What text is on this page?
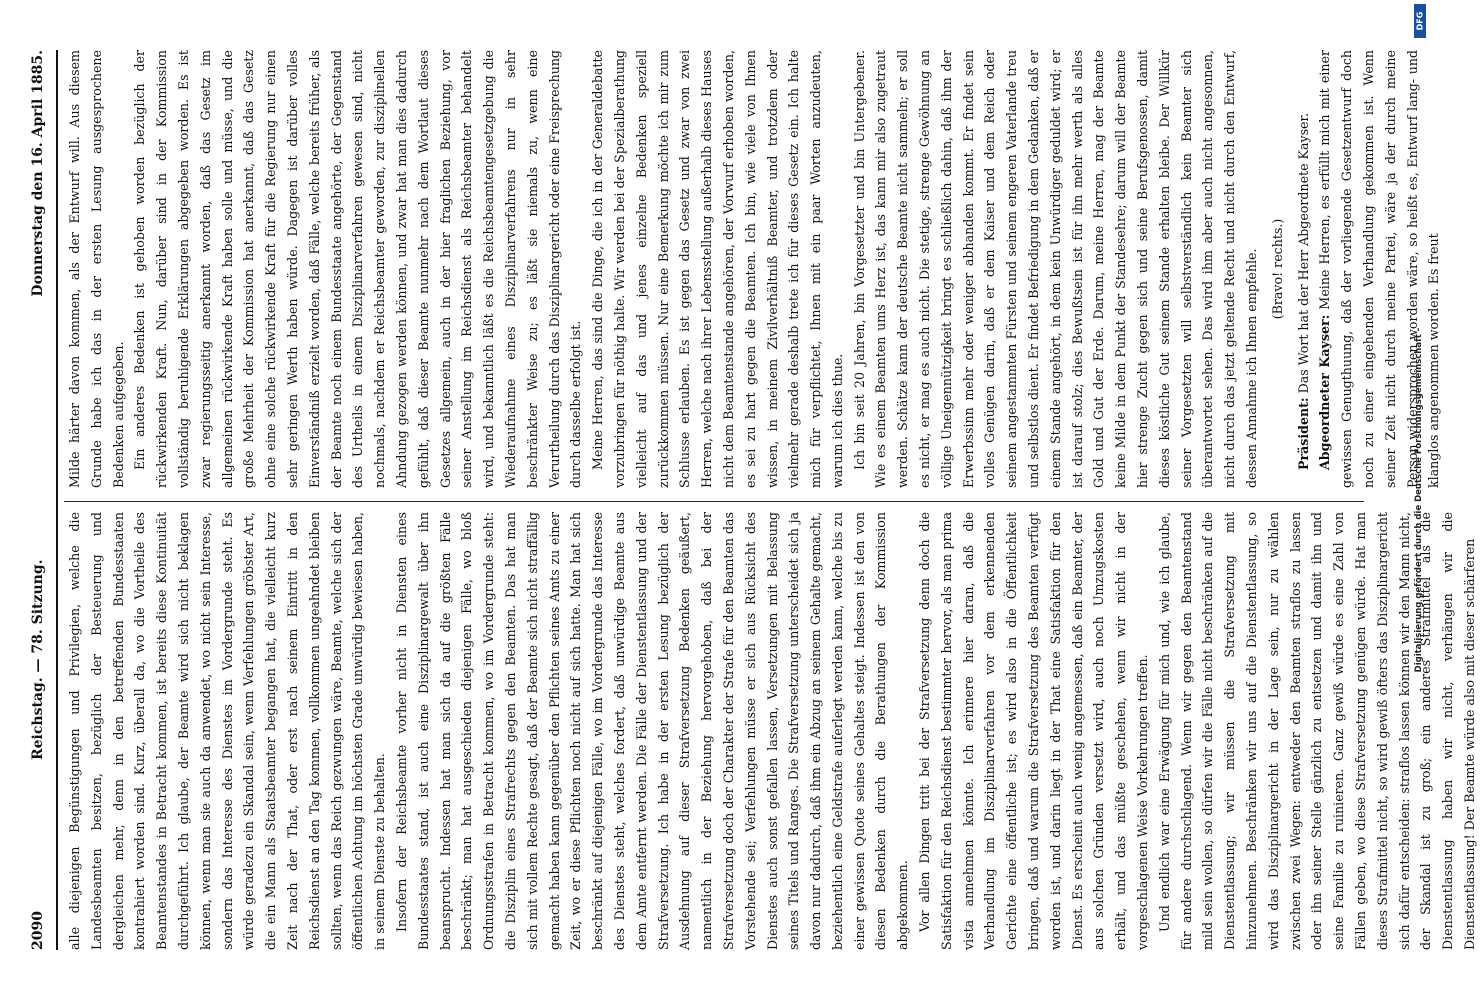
2090
Reichstag. — 78. Sitzung.
Donnerstag den 16. April 1885.

alle diejenigen Begünstigungen und Privilegien, welche die Landesbeamten besitzen, bezüglich der Besteuerung und dergleichen mehr, denn in den betreffenden Bundesstaaten kontrahiert worden sind. Kurz, überall da, wo die Vortheile des Beamtenstandes in Betracht kommen, ist bereits diese Kontinuität durchgeführt. Ich glaube, der Beamte wird sich nicht beklagen können, wenn man sie auch da anwendet, wo nicht sein Interesse, sondern das Interesse des Dienstes im Vordergrunde steht. Es würde geradezu ein Skandal sein, wenn Verfehlungen gröbster Art, die ein Mann als Staatsbeamter begangen hat, die vielleicht kurz Zeit nach der That, oder erst nach seinem Eintritt in den Reichsdienst an den Tag kommen, vollkommen ungeahndet bleiben sollten, wenn das Reich gezwungen wäre, Beamte, welche sich der öffentlichen Achtung im höchsten Grade unwürdig bewiesen haben, in seinem Dienste zu behalten. Insofern der Reichsbeamte vorher nicht in Diensten eines Bundesstaates stand, ist auch eine Disziplinargewalt über ihn beansprucht. Indessen hat man sich da auf die größten Fälle beschränkt; man hat ausgeschieden diejenigen Fälle, wo bloß Ordnungsstrafen in Betracht kommen, wo im Vordergrunde steht: die Disziplin eines Strafrechts gegen den Beamten. Das hat man sich mit vollem Rechte gesagt, daß der Beamte sich nicht straffällig gemacht haben kann gegenüber den Pflichten seines Amts zu einer Zeit, wo er diese Pflichten noch nicht auf sich hatte. Man hat sich beschränkt auf diejenigen Fälle, wo im Vordergrunde das Interesse des Dienstes steht, welches fordert, daß unwürdige Beamte aus dem Amte entfernt werden. Die Fälle der Dienstentlassung und der Strafversetzung. Ich habe in der ersten Lesung bezüglich der Ausdehnung auf dieser Strafversetzung Bedenken geäußert, namentlich in der Beziehung hervorgehoben, daß bei der Strafversetzung doch der Charakter der Strafe für den Beamten das Vorstehende sei; Verfehlungen müsse er sich aus Rücksicht des Dienstes auch sonst gefallen lassen, Versetzungen mit Belassung seines Titels und Ranges. Die Strafversetzung unterscheidet sich ja davon nur dadurch, daß ihm ein Abzug an seinem Gehalte gemacht, beziehentlich eine Geldstrafe auferlegt werden kann, welche bis zu einer gewissen Quote seines Gehaltes steigt. Indessen ist den von diesen Bedenken durch die Berathungen der Kommission abgekommen. Vor allen Dingen tritt bei der Strafversetzung denn doch die Satisfaktion für den Reichsdienst bestimmter hervor, als man prima vista annehmen könnte. Ich erinnere hier daran, daß die Verhandlung im Disziplinarverfahren vor dem erkennenden Gerichte eine öffentliche ist; es wird also in die Öffentlichkeit bringen, daß und warum die Strafversetzung des Beamten verfügt worden ist, und darin liegt in der That eine Satisfaktion für den Dienst. Es erscheint auch wenig angemessen, daß ein Beamter, der aus solchen Gründen versetzt wird, auch noch Umzugskosten erhält, und das müßte geschehen, wenn wir nicht in der vorgeschlagenen Weise Vorkehrungen treffen. Und endlich war eine Erwägung für mich und, wie ich glaube, für andere durchschlagend. Wenn wir gegen den Beamtenstand mild sein wollen, so dürfen wir die Fälle nicht beschränken auf die Dienstentlassung; wir müssen die Strafversetzung mit hinzunehmen. Beschränken wir uns auf die Dienstentlassung, so wird das Disziplinargericht in der Lage sein, nur zu wählen zwischen zwei Wegen: entweder den Beamten straflos zu lassen oder ihn seiner Stelle gänzlich zu entsetzen und damit ihn und seine Familie zu ruinieren. Ganz gewiß würde es eine Zahl von Fällen geben, wo diese Strafversetzung genügen würde. Hat man dieses Strafmittel nicht, so wird gewiß öfters das Disziplinargericht sich dafür entscheiden: straflos lassen können wir den Mann nicht, der Skandal ist zu groß; ein anderes Strafmittel als die Dienstentlassung haben wir nicht, verhängen wir die Dienstentlassung! Der Beamte würde also mit dieser schärferen

Milde härter davon kommen, als der Entwurf will. Aus diesem Grunde habe ich das in der ersten Lesung ausgesprochene Bedenken aufgegeben. Ein anderes Bedenken ist gehoben worden bezüglich der rückwirkenden Kraft. Nun, darüber sind in der Kommission vollständig beruhigende Erklärungen abgegeben worden. Es ist zwar regierungsseitig anerkannt worden, daß das Gesetz im allgemeinen rückwirkende Kraft haben solle und müsse, und die große Mehrheit der Kommission hat anerkannt, daß das Gesetz ohne eine solche rückwirkende Kraft für die Regierung nur einen sehr geringen Werth haben würde. Dagegen ist darüber volles Einverständniß erzielt worden, daß Fälle, welche bereits früher, als der Beamte noch einem Bundesstaate angehörte, der Gegenstand des Urtheils in einem Disziplinarverfahren gewesen sind, nicht nochmals, nachdem er Reichsbeamter geworden, zur disziplinellen Ahndung gezogen werden können, und zwar hat man dies dadurch gefühlt, daß dieser Beamte nunmehr nach dem Wortlaut dieses Gesetzes allgemein, auch in der hier fraglichen Beziehung, vor seiner Anstellung im Reichsdienst als Reichsbeamter behandelt wird, und bekanntlich läßt es die Reichsbeamtengesetzgebung die Wiederaufnahme eines Disziplinarverfahrens nur in sehr beschränkter Weise zu; es läßt sie niemals zu, wenn eine Verurtheilung durch das Disziplinargericht oder eine Freisprechung durch dasselbe erfolgt ist. Meine Herren, das sind die Dinge, die ich in der Generaldebatte vorzubringen für nöthig halte. Wir werden bei der Spezialberathung vielleicht auf das und jenes einzelne Bedenken speziell zurückkommen müssen. Nur eine Bemerkung möchte ich mir zum Schlusse erlauben. Es ist gegen das Gesetz und zwar von zwei Herren, welche nach ihrer Lebensstellung außerhalb dieses Hauses nicht dem Beamtenstande angehören, der Vorwurf erhoben worden, es sei zu hart gegen die Beamten. Ich bin, wie viele von Ihnen wissen, in meinem Zivilverhältniß Beamter, und trotzdem oder vielmehr gerade deshalb trete ich für dieses Gesetz ein. Ich halte mich für verpflichtet, Ihnen mit ein paar Worten anzudeuten, warum ich dies thue. Ich bin seit 20 Jahren, bin Vorgesetzter und bin Untergebener. Wie es einem Beamten ums Herz ist, das kann mir also zugetraut werden. Schätze kann der deutsche Beamte nicht sammeln; er soll es nicht, er mag es auch nicht. Die stetige, strenge Gewöhnung an völlige Uneigennützigkeit bringt es schließlich dahin, daß ihm der Erwerbssinn mehr oder weniger abhanden kommt. Er findet sein volles Genügen darin, daß er dem Kaiser und dem Reich oder seinem angestammten Fürsten und seinem engeren Vaterlande treu und selbstlos dient. Er findet Befriedigung in dem Gedanken, daß er einem Stande angehört, in dem kein Unwürdiger geduldet wird; er ist darauf stolz; dies Bewußtsein ist für ihn mehr werth als alles Gold und Gut der Erde. Darum, meine Herren, mag der Beamte keine Milde in dem Punkt der Standesehre; darum will der Beamte hier strenge Zucht gegen sich und seine Berufsgenossen, damit dieses köstliche Gut seinem Stande erhalten bleibe. Der Willkür seiner Vorgesetzten will selbstverständlich kein Beamter sich überantwortet sehen. Das wird ihm aber auch nicht angesonnen, nicht durch das jetzt geltende Recht und nicht durch den Entwurf, dessen Annahme ich Ihnen empfehle. (Bravo! rechts.)

Präsident: Das Wort hat der Herr Abgeordnete Kayser. Abgeordneter Kayser: Meine Herren, es erfüllt mich mit einer gewissen Genugthuung, daß der vorliegende Gesetzentwurf doch noch zu einer eingehenden Verhandlung gekommen ist. Wenn seiner Zeit nicht durch meine Partei, wäre ja der durch meine Person widersprochen worden wäre, so heißt es, Entwurf lang- und klanglos angenommen worden. Es freut

Digitalisierung gefördert durch die Deutsche Forschungsgemeinschaft -
DFG
